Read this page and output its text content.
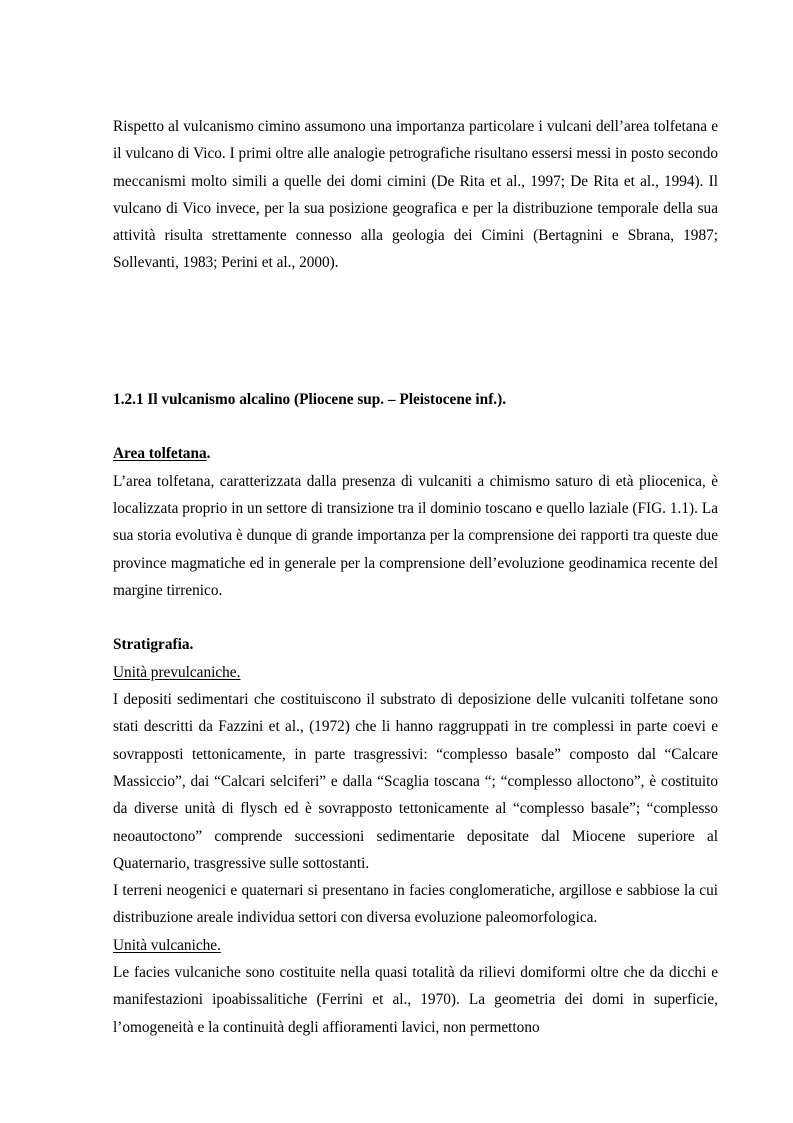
Rispetto al vulcanismo cimino assumono una importanza particolare i vulcani dell’area tolfetana e il vulcano di Vico. I primi oltre alle analogie petrografiche risultano essersi messi in posto secondo meccanismi molto simili a quelle dei domi cimini (De Rita et al., 1997; De Rita et al., 1994). Il vulcano di Vico invece, per la sua posizione geografica e per la distribuzione temporale della sua attività risulta strettamente connesso alla geologia dei Cimini (Bertagnini e Sbrana, 1987; Sollevanti, 1983; Perini et al., 2000).

1.2.1 Il vulcanismo alcalino (Pliocene sup. – Pleistocene inf.).

Area tolfetana.

L’area tolfetana, caratterizzata dalla presenza di vulcaniti a chimismo saturo di età pliocenica, è localizzata proprio in un settore di transizione tra il dominio toscano e quello laziale (FIG. 1.1). La sua storia evolutiva è dunque di grande importanza per la comprensione dei rapporti tra queste due province magmatiche ed in generale per la comprensione dell’evoluzione geodinamica recente del margine tirrenico.

Stratigrafia.

Unità prevulcaniche.

I depositi sedimentari che costituiscono il substrato di deposizione delle vulcaniti tolfetane sono stati descritti da Fazzini et al., (1972) che li hanno raggruppati in tre complessi in parte coevi e sovrapposti tettonicamente, in parte trasgressivi: “complesso basale” composto dal “Calcare Massiccio”, dai “Calcari selciferi” e dalla “Scaglia toscana “; “complesso alloctono”, è costituito da diverse unità di flysch ed è sovrapposto tettonicamente al “complesso basale”; “complesso neoautoctono” comprende successioni sedimentarie depositate dal Miocene superiore al Quaternario, trasgressive sulle sottostanti.

I terreni neogenici e quaternari si presentano in facies conglomeratiche, argillose e sabbiose la cui distribuzione areale individua settori con diversa evoluzione paleomorfologica.

Unità vulcaniche.

Le facies vulcaniche sono costituite nella quasi totalità da rilievi domiformi oltre che da dicchi e manifestazioni ipoabissalitiche (Ferrini et al., 1970). La geometria dei domi in superficie, l’omogeneità e la continuità degli affioramenti lavici, non permettono
